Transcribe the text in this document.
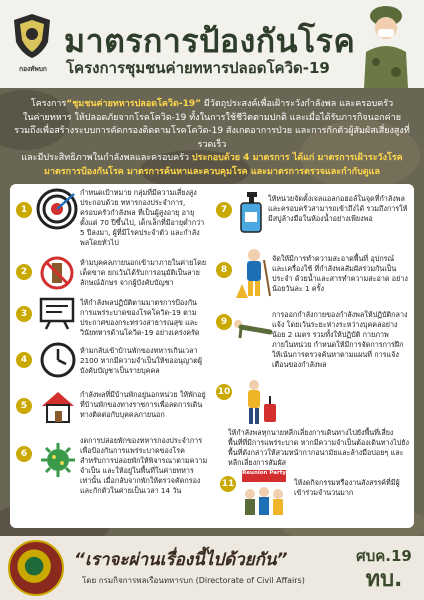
กองทัพบก
มาตรการป้องกันโรค
โครงการชุมชนค่ายทหารปลอดโควิด-19
โครงการ“ชุมชนค่ายทหารปลอดโควิด-19” มีวัตถุประสงค์เพื่อเฝ้าระวังกำลังพล และครอบครัว
ในค่ายทหาร ให้ปลอดภัยจากโรคโควิด-19 ทั้งในการใช้ชีวิตตามปกติ และเมื่อได้รับภารกิจนอกค่าย
รวมถึงเพื่อสร้างระบบการคัดกรองติดตามโรคโควิด-19 สังเกตอาการป่วย และการกักตัวผู้สัมผัสเสี่ยงสูงที่รวดเร็ว
และมีประสิทธิภาพในกำลังพลและครอบครัว ประกอบด้วย 4 มาตรการ ได้แก่ มาตรการเฝ้าระวังโรค
มาตรการป้องกันโรค มาตรการค้นหาและควบคุมโรค และมาตรการตรวจและกำกับดูแล
1
กำหนดเป้าหมาย กลุ่มที่มีความเสี่ยงสูง ประกอบด้วย ทหารกองประจำการ, ครอบครัวกำลังพล ที่เป็นผู้สูงอายุ อายุตั้งแต่ 70 ปีขึ้นไป, เด็กเล็กที่มีอายุต่ำกว่า 5 ปีลงมา, ผู้ที่มีโรคประจำตัว และกำลังพลโดยทั่วไป
2
ห้ามบุคคลภายนอกเข้ามาภายในค่ายโดยเด็ดขาด ยกเว้นได้รับการอนุมัติเป็นลายลักษณ์อักษร จากผู้บังคับบัญชา
3
ให้กำลังพลปฏิบัติตามมาตรการป้องกันการแพร่ระบาดของโรคโควิด-19 ตามประกาศของกระทรวงสาธารณสุข และวินัยทหารด้านโควิด-19 อย่างเคร่งครัด
4
ห้ามกลับเข้าบ้านพักของทหารเกินเวลา 2100 หากมีความจำเป็นให้ขออนุญาตผู้บังคับบัญชาเป็นรายบุคคล
5
กำลังพลที่มีบ้านพักอยู่นอกหน่วย ให้พักอยู่ที่บ้านพักของทางราชการเพื่อลดการเดินทางติดต่อกับบุคคลภายนอก
6
งดการปล่อยพักของทหารกองประจำการเพื่อป้องกันการแพร่ระบาดของโรค สำหรับการปล่อยพักให้พิจารณาตามความจำเป็น และให้อยู่ในพื้นที่ในค่ายทหารเท่านั้น เมื่อกลับจากพักให้ตรวจคัดกรองและกักตัวในค่ายเป็นเวลา 14 วัน
7
ให้หน่วยจัดตั้งเจลแอลกอฮอล์ในจุดที่กำลังพล และครอบครัวสามารถเข้าถึงได้ รวมถึงการให้มีสบู่ล้างมือในห้องน้ำอย่างเพียงพอ
8
จัดให้มีการทำความสะอาดพื้นที่ อุปกรณ์ และเครื่องใช้ ที่กำลังพลสัมผัสร่วมกันเป็นประจำ ด้วยน้ำและสารทำความสะอาด อย่างน้อยวันละ 1 ครั้ง
9
การออกกำลังกายของกำลังพลให้ปฏิบัติกลางแจ้ง โดยเว้นระยะห่างระหว่างบุคคลอย่างน้อย 2 เมตร รวมทั้งให้ปฏิบัติ กายภาพ ภายในหน่วย กำหนดให้มีการจัดการการฝึกให้เน้นการตรวจค้นหาตามแผนที่ การแจ้งเตือนของกำลังพล
10
ให้กำลังพลทุกนายหลีกเลี่ยงการเดินทางไปยังพื้นที่เสี่ยง พื้นที่ที่มีการแพร่ระบาด หากมีความจำเป็นต้องเดินทางไปยังพื้นที่ดังกล่าวให้สวมหน้ากากอนามัยและล้างมือบ่อยๆ และหลีกเลี่ยงการสัมผัส
11
Reunion Party
ให้งดกิจกรรมหรืองานสังสรรค์ที่มีผู้เข้าร่วมจำนวนมาก
“เราจะผ่านเรื่องนี้ไปด้วยกัน”
โดย กรมกิจการพลเรือนทหารบก (Directorate of Civil Affairs)
ศบค.19
ทบ.
